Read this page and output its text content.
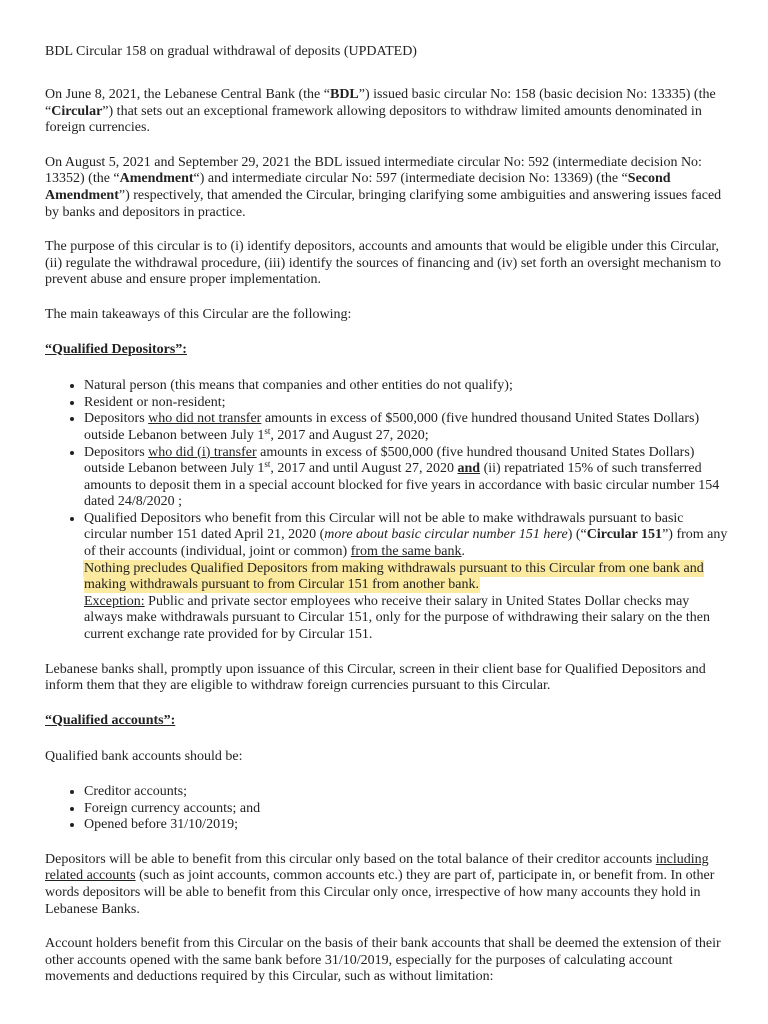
BDL Circular 158 on gradual withdrawal of deposits (UPDATED)

On June 8, 2021, the Lebanese Central Bank (the “BDL”) issued basic circular No: 158 (basic decision No: 13335) (the “Circular”) that sets out an exceptional framework allowing depositors to withdraw limited amounts denominated in foreign currencies.

On August 5, 2021 and September 29, 2021 the BDL issued intermediate circular No: 592 (intermediate decision No: 13352) (the “Amendment“) and intermediate circular No: 597 (intermediate decision No: 13369) (the “Second Amendment”) respectively, that amended the Circular, bringing clarifying some ambiguities and answering issues faced by banks and depositors in practice.

The purpose of this circular is to (i) identify depositors, accounts and amounts that would be eligible under this Circular, (ii) regulate the withdrawal procedure, (iii) identify the sources of financing and (iv) set forth an oversight mechanism to prevent abuse and ensure proper implementation.

The main takeaways of this Circular are the following:

“Qualified Depositors”:

• Natural person (this means that companies and other entities do not qualify);
• Resident or non-resident;
• Depositors who did not transfer amounts in excess of $500,000 (five hundred thousand United States Dollars) outside Lebanon between July 1st, 2017 and August 27, 2020;
• Depositors who did (i) transfer amounts in excess of $500,000 (five hundred thousand United States Dollars) outside Lebanon between July 1st, 2017 and until August 27, 2020 and (ii) repatriated 15% of such transferred amounts to deposit them in a special account blocked for five years in accordance with basic circular number 154 dated 24/8/2020 ;
• Qualified Depositors who benefit from this Circular will not be able to make withdrawals pursuant to basic circular number 151 dated April 21, 2020 (more about basic circular number 151 here) (“Circular 151”) from any of their accounts (individual, joint or common) from the same bank.
Nothing precludes Qualified Depositors from making withdrawals pursuant to this Circular from one bank and making withdrawals pursuant to from Circular 151 from another bank.
Exception: Public and private sector employees who receive their salary in United States Dollar checks may always make withdrawals pursuant to Circular 151, only for the purpose of withdrawing their salary on the then current exchange rate provided for by Circular 151.

Lebanese banks shall, promptly upon issuance of this Circular, screen in their client base for Qualified Depositors and inform them that they are eligible to withdraw foreign currencies pursuant to this Circular.

“Qualified accounts”:

Qualified bank accounts should be:

• Creditor accounts;
• Foreign currency accounts; and
• Opened before 31/10/2019;

Depositors will be able to benefit from this circular only based on the total balance of their creditor accounts including related accounts (such as joint accounts, common accounts etc.) they are part of, participate in, or benefit from. In other words depositors will be able to benefit from this Circular only once, irrespective of how many accounts they hold in Lebanese Banks.

Account holders benefit from this Circular on the basis of their bank accounts that shall be deemed the extension of their other accounts opened with the same bank before 31/10/2019, especially for the purposes of calculating account movements and deductions required by this Circular, such as without limitation:
